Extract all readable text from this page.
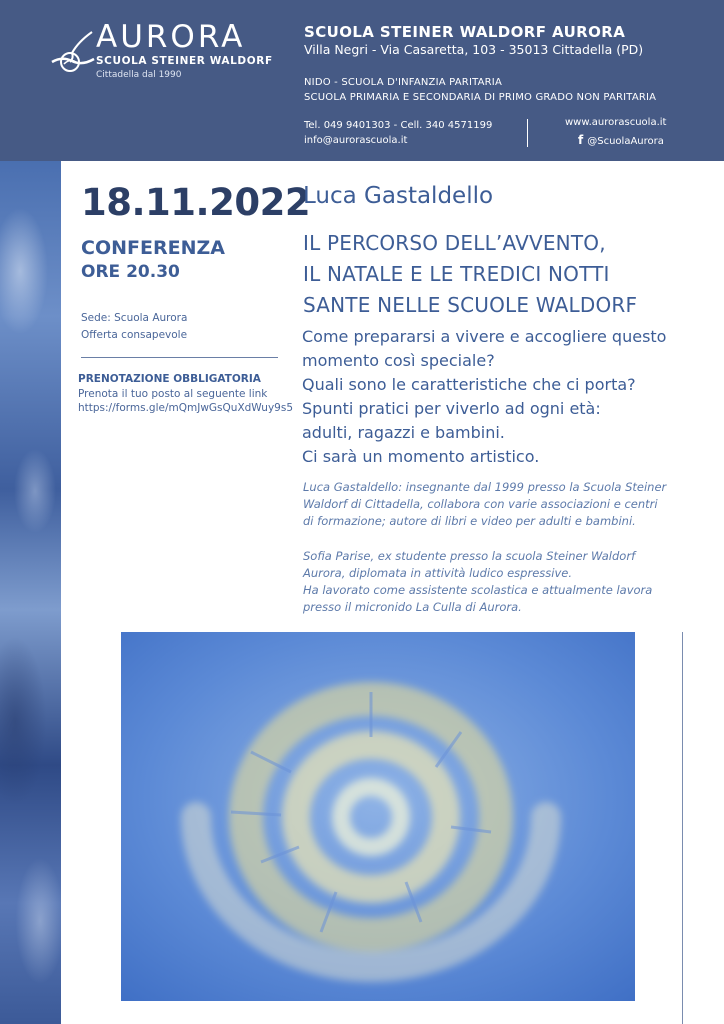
AURORA
SCUOLA STEINER WALDORF
Cittadella dal 1990
SCUOLA STEINER WALDORF AURORA
Villa Negri - Via Casaretta, 103 - 35013 Cittadella (PD)
NIDO - SCUOLA D'INFANZIA PARITARIA
SCUOLA PRIMARIA E SECONDARIA DI PRIMO GRADO NON PARITARIA
Tel. 049 9401303 - Cell. 340 4571199
info@aurorascuola.it
www.aurorascuola.it
f @ScuolaAurora
18.11.2022
CONFERENZA
ORE 20.30
Sede: Scuola Aurora
Offerta consapevole
PRENOTAZIONE OBBLIGATORIA
Prenota il tuo posto al seguente link
https://forms.gle/mQmJwGsQuXdWuy9s5
Luca Gastaldello
IL PERCORSO DELL’AVVENTO,
IL NATALE E LE TREDICI NOTTI
SANTE NELLE SCUOLE WALDORF
Come prepararsi a vivere e accogliere questo
momento così speciale?
Quali sono le caratteristiche che ci porta?
Spunti pratici per viverlo ad ogni età:
adulti, ragazzi e bambini.
Ci sarà un momento artistico.
Luca Gastaldello: insegnante dal 1999 presso la Scuola Steiner
Waldorf di Cittadella, collabora con varie associazioni e centri
di formazione; autore di libri e video per adulti e bambini.
Sofia Parise, ex studente presso la scuola Steiner Waldorf
Aurora, diplomata in attività ludico espressive.
Ha lavorato come assistente scolastica e attualmente lavora
presso il micronido La Culla di Aurora.
